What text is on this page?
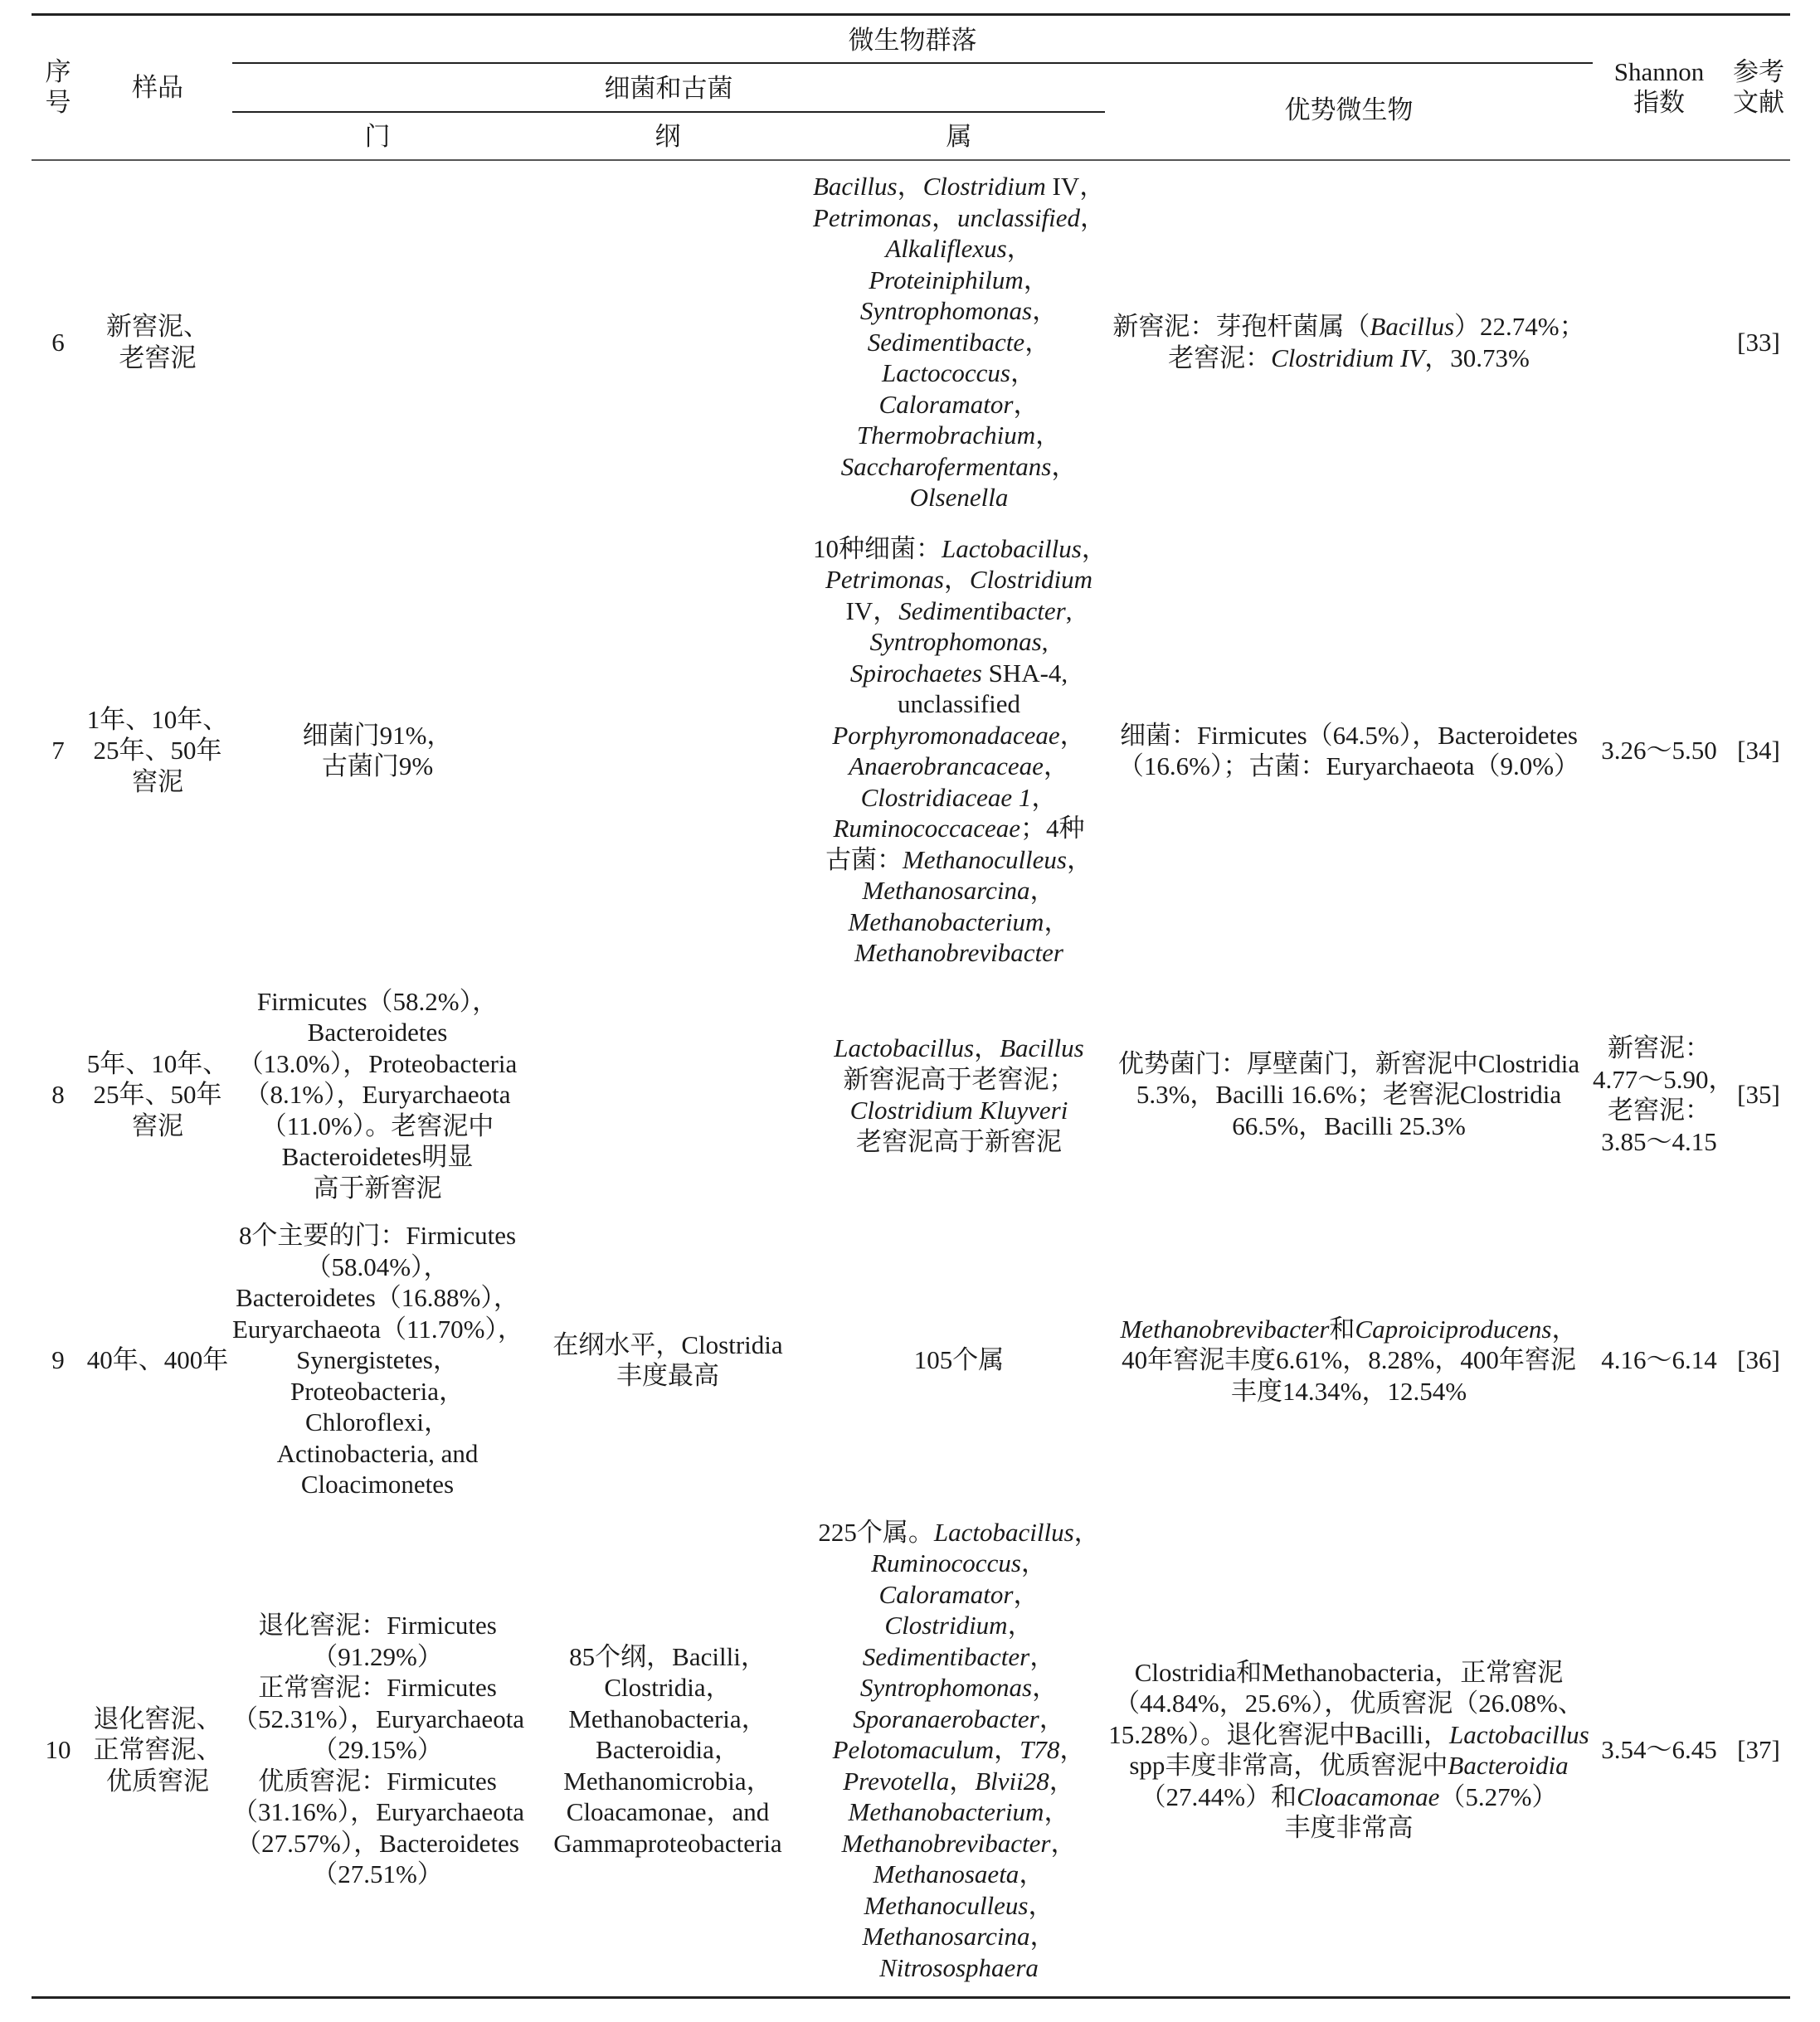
序
号
样品
微生物群落
细菌和古菌
门	纲	属
优势微生物
Shannon
指数
参考
文献
6
新窖泥、
老窖泥
Bacillus，Clostridium IV，
Petrimonas，unclassified，
Alkaliflexus，
Proteiniphilum，
Syntrophomonas，
Sedimentibacte，
Lactococcus，
Caloramator，
Thermobrachium，
Saccharofermentans，
Olsenella
新窖泥：芽孢杆菌属（Bacillus）22.74%；
老窖泥：Clostridium IV，30.73%
[33]
7
1年、10年、
25年、50年
窖泥
细菌门91%，
古菌门9%
10种细菌：Lactobacillus，
Petrimonas，Clostridium
IV，Sedimentibacter,
Syntrophomonas,
Spirochaetes SHA-4,
unclassified
Porphyromonadaceae，
Anaerobrancaceae，
Clostridiaceae 1，
Ruminococcaceae；4种
古菌：Methanoculleus，
Methanosarcina，
Methanobacterium，
Methanobrevibacter
细菌：Firmicutes（64.5%），Bacteroidetes
（16.6%）；古菌：Euryarchaeota（9.0%）
3.26～5.50 [34]
8
5年、10年、
25年、50年
窖泥
Firmicutes（58.2%），
Bacteroidetes
（13.0%），Proteobacteria
（8.1%），Euryarchaeota
（11.0%）。老窖泥中
Bacteroidetes明显
高于新窖泥
Lactobacillus，Bacillus
新窖泥高于老窖泥；
Clostridium Kluyveri
老窖泥高于新窖泥
优势菌门：厚壁菌门，新窖泥中Clostridia
5.3%，Bacilli 16.6%；老窖泥Clostridia
66.5%，Bacilli 25.3%
新窖泥：
4.77～5.90，
老窖泥：
3.85～4.15
[35]
9 40年、400年
8个主要的门：Firmicutes
（58.04%），
Bacteroidetes（16.88%），
Euryarchaeota（11.70%），
Synergistetes，
Proteobacteria，
Chloroflexi，
Actinobacteria, and
Cloacimonetes
在纲水平，Clostridia
丰度最高
105个属
Methanobrevibacter和Caproiciproducens，
40年窖泥丰度6.61%，8.28%，400年窖泥
丰度14.34%，12.54%
4.16～6.14 [36]
10
退化窖泥、
正常窖泥、
优质窖泥
退化窖泥：Firmicutes
（91.29%）
正常窖泥：Firmicutes
（52.31%），Euryarchaeota
（29.15%）
优质窖泥：Firmicutes
（31.16%），Euryarchaeota
（27.57%），Bacteroidetes
（27.51%）
85个纲，Bacilli，
Clostridia，
Methanobacteria，
Bacteroidia，
Methanomicrobia，
Cloacamonae，and
Gammaproteobacteria
225个属。Lactobacillus，
Ruminococcus，
Caloramator，
Clostridium，
Sedimentibacter，
Syntrophomonas，
Sporanaerobacter，
Pelotomaculum，T78，
Prevotella，Blvii28，
Methanobacterium，
Methanobrevibacter，
Methanosaeta，
Methanoculleus，
Methanosarcina，
Nitrososphaera
Clostridia和Methanobacteria，正常窖泥
（44.84%，25.6%），优质窖泥（26.08%、
15.28%）。退化窖泥中Bacilli，Lactobacillus
spp丰度非常高，优质窖泥中Bacteroidia
（27.44%）和Cloacamonae（5.27%）
丰度非常高
3.54～6.45 [37]
